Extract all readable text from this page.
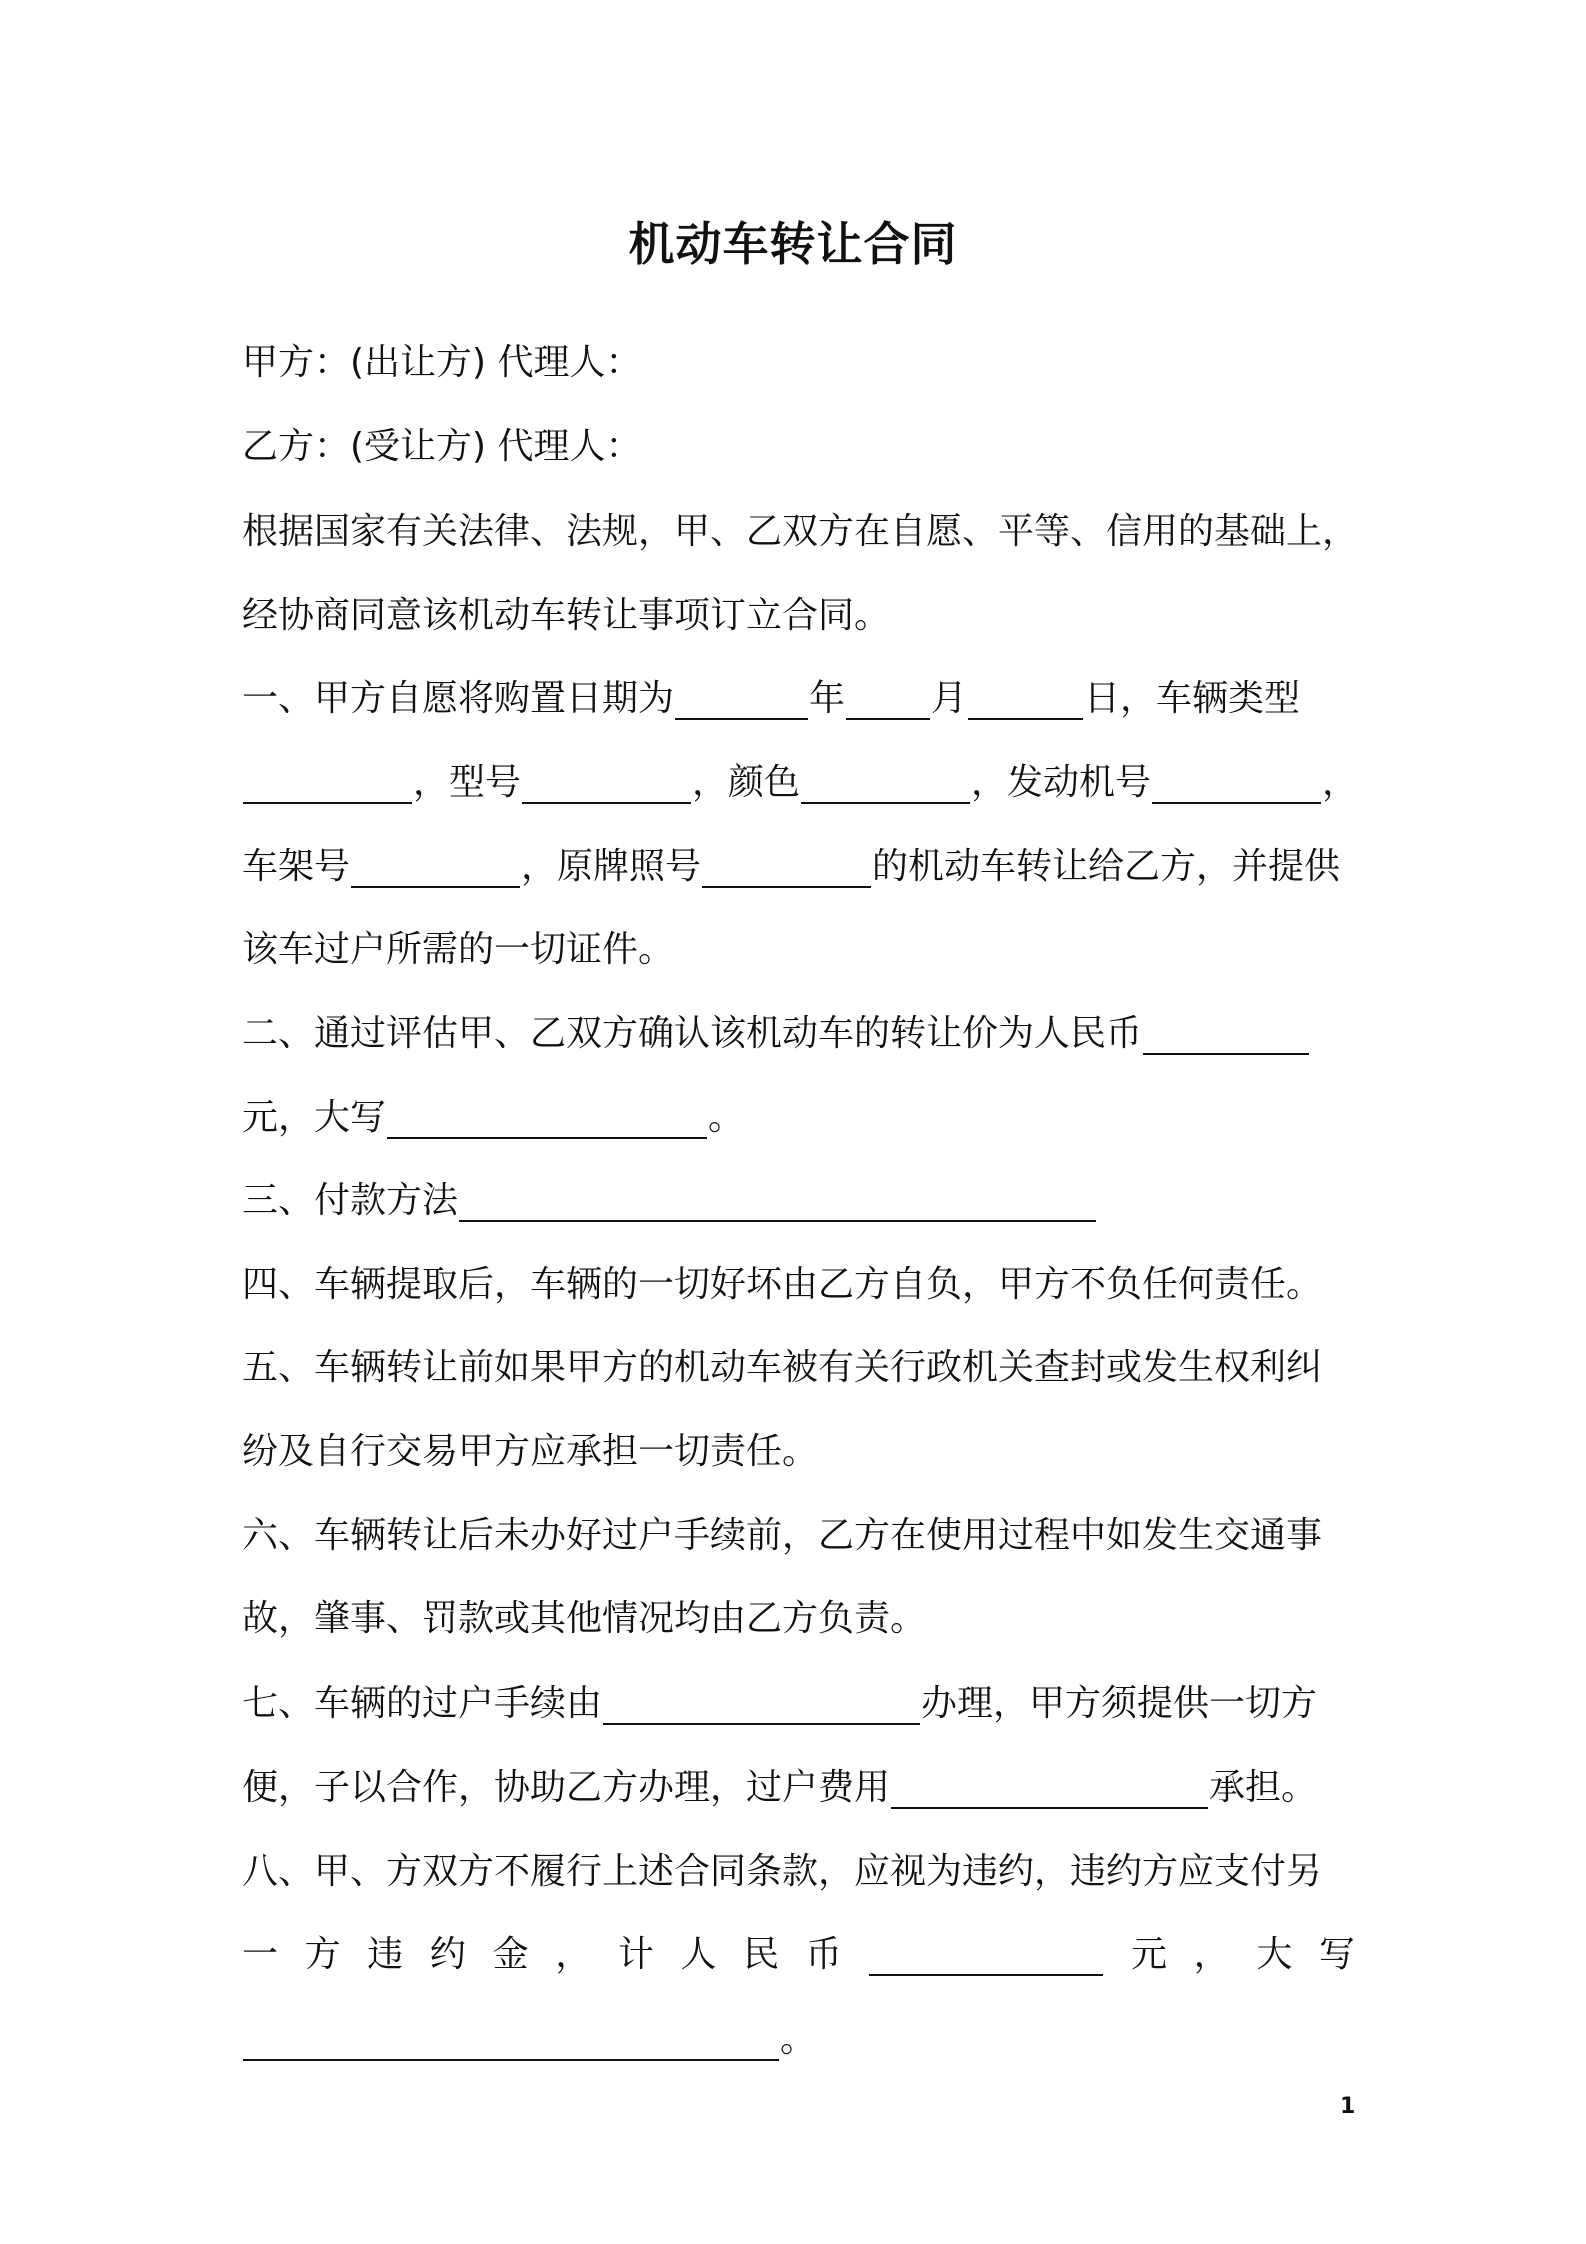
机动车转让合同
甲方：(出让方) 代理人：
乙方：(受让方) 代理人：
根据国家有关法律、法规，甲、乙双方在自愿、平等、信用的基础上，
经协商同意该机动车转让事项订立合同。
一、甲方自愿将购置日期为	年 月	日，车辆类型
，型号	，颜色	，发动机号	，
车架号	，原牌照号	的机动车转让给乙方，并提供
该车过户所需的一切证件。
二、通过评估甲、乙双方确认该机动车的转让价为人民币
元，大写	。
三、付款方法
四、车辆提取后，车辆的一切好坏由乙方自负，甲方不负任何责任。
五、车辆转让前如果甲方的机动车被有关行政机关查封或发生权利纠
纷及自行交易甲方应承担一切责任。
六、车辆转让后未办好过户手续前，乙方在使用过程中如发生交通事
故，肇事、罚款或其他情况均由乙方负责。
七、车辆的过户手续由	办理，甲方须提供一切方
便，子以合作，协助乙方办理，过户费用	承担。
八、甲、方双方不履行上述合同条款，应视为违约，违约方应支付另
一 方 违 约 金 ， 计 人 民 币	元 ， 大 写
。
1
